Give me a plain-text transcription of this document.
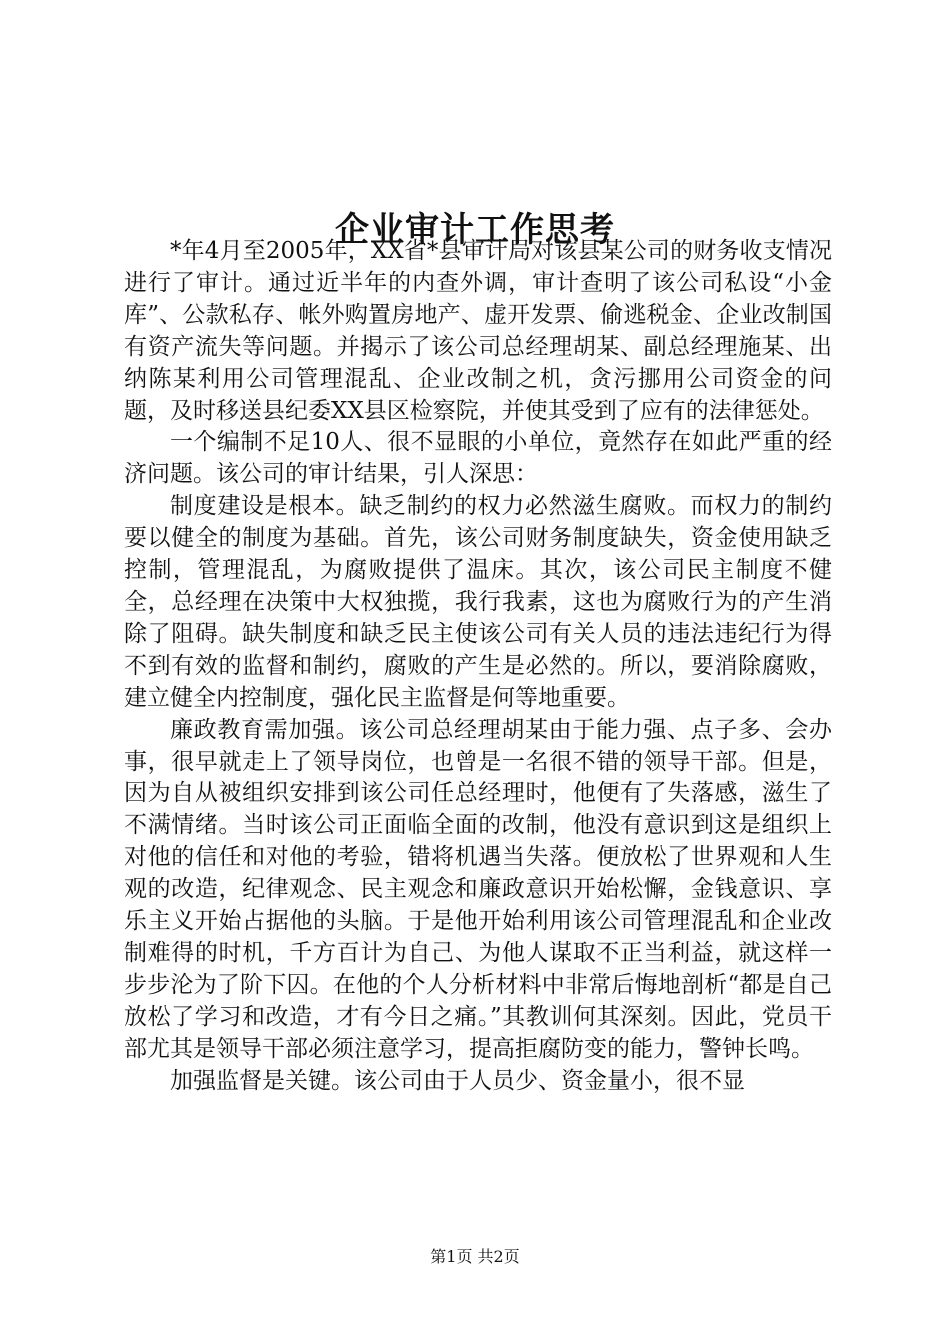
企业审计工作思考

*年4月至2005年，XX省*县审计局对该县某公司的财务收支情况进行了审计。通过近半年的内查外调，审计查明了该公司私设“小金库”、公款私存、帐外购置房地产、虚开发票、偷逃税金、企业改制国有资产流失等问题。并揭示了该公司总经理胡某、副总经理施某、出纳陈某利用公司管理混乱、企业改制之机，贪污挪用公司资金的问题，及时移送县纪委XX县区检察院，并使其受到了应有的法律惩处。

一个编制不足10人、很不显眼的小单位，竟然存在如此严重的经济问题。该公司的审计结果，引人深思：

制度建设是根本。缺乏制约的权力必然滋生腐败。而权力的制约要以健全的制度为基础。首先，该公司财务制度缺失，资金使用缺乏控制，管理混乱，为腐败提供了温床。其次，该公司民主制度不健全，总经理在决策中大权独揽，我行我素，这也为腐败行为的产生消除了阻碍。缺失制度和缺乏民主使该公司有关人员的违法违纪行为得不到有效的监督和制约，腐败的产生是必然的。所以，要消除腐败，建立健全内控制度，强化民主监督是何等地重要。

廉政教育需加强。该公司总经理胡某由于能力强、点子多、会办事，很早就走上了领导岗位，也曾是一名很不错的领导干部。但是，因为自从被组织安排到该公司任总经理时，他便有了失落感，滋生了不满情绪。当时该公司正面临全面的改制，他没有意识到这是组织上对他的信任和对他的考验，错将机遇当失落。便放松了世界观和人生观的改造，纪律观念、民主观念和廉政意识开始松懈，金钱意识、享乐主义开始占据他的头脑。于是他开始利用该公司管理混乱和企业改制难得的时机，千方百计为自己、为他人谋取不正当利益，就这样一步步沦为了阶下囚。在他的个人分析材料中非常后悔地剖析“都是自己放松了学习和改造，才有今日之痛。”其教训何其深刻。因此，党员干部尤其是领导干部必须注意学习，提高拒腐防变的能力，警钟长鸣。

加强监督是关键。该公司由于人员少、资金量小，很不显

第1页 共2页
